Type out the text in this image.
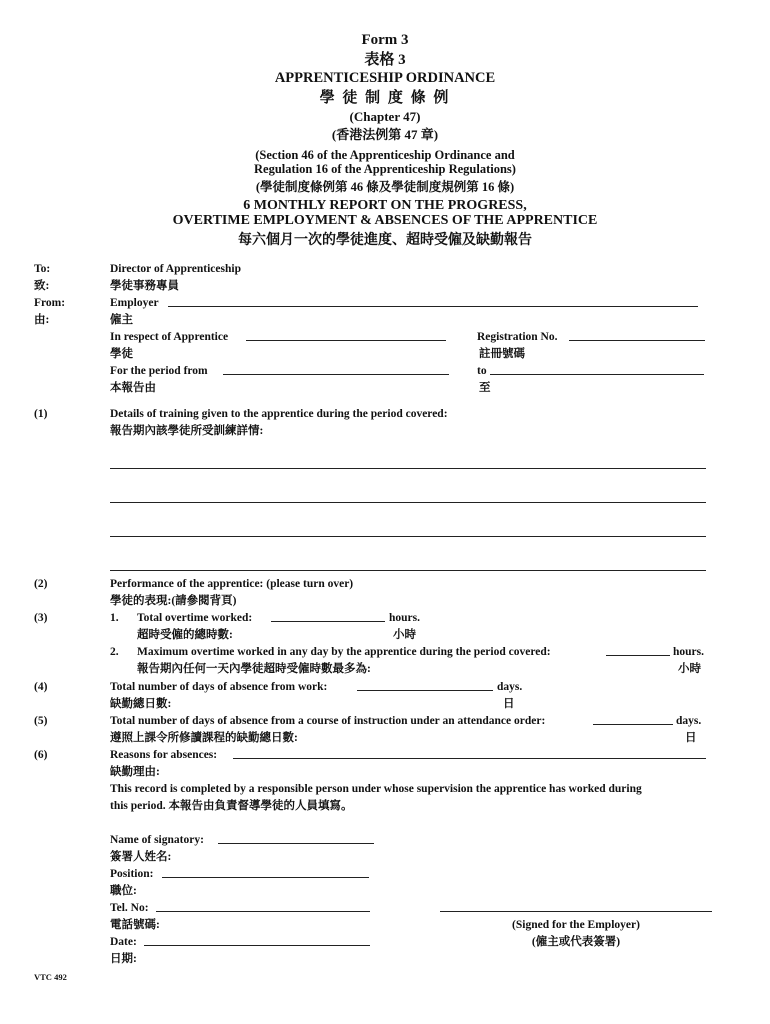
Form 3
表格 3
APPRENTICESHIP ORDINANCE
學 徒 制 度 條 例
(Chapter 47)
(香港法例第 47 章)
(Section 46 of the Apprenticeship Ordinance and
Regulation 16 of the Apprenticeship Regulations)
(學徒制度條例第 46 條及學徒制度規例第 16 條)
6 MONTHLY REPORT ON THE PROGRESS,
OVERTIME EMPLOYMENT & ABSENCES OF THE APPRENTICE
每六個月一次的學徒進度、超時受僱及缺勤報告
To:	Director of Apprenticeship
致:	學徒事務專員
From:	Employer
由:	僱主
In respect of Apprentice	Registration No.
學徒	註冊號碼
For the period from	to
本報告由	至
(1)	Details of training given to the apprentice during the period covered:
報告期內該學徒所受訓練詳情:
(2)	Performance of the apprentice: (please turn over)
學徒的表現:(請參閱背頁)
(3)	1. Total overtime worked:	hours.
超時受僱的總時數:	小時
2. Maximum overtime worked in any day by the apprentice during the period covered:	hours.
報告期內任何一天內學徒超時受僱時數最多為:	小時
(4)	Total number of days of absence from work:	days.
缺勤總日數:	日
(5)	Total number of days of absence from a course of instruction under an attendance order:	days.
遵照上課令所修讀課程的缺勤總日數:	日
(6)	Reasons for absences:
缺勤理由:
This record is completed by a responsible person under whose supervision the apprentice has worked during
this period. 本報告由負責督導學徒的人員填寫。
Name of signatory:
簽署人姓名:
Position:
職位:
Tel. No:
電話號碼:	(Signed for the Employer)
Date:	(僱主或代表簽署)
日期:
VTC 492
